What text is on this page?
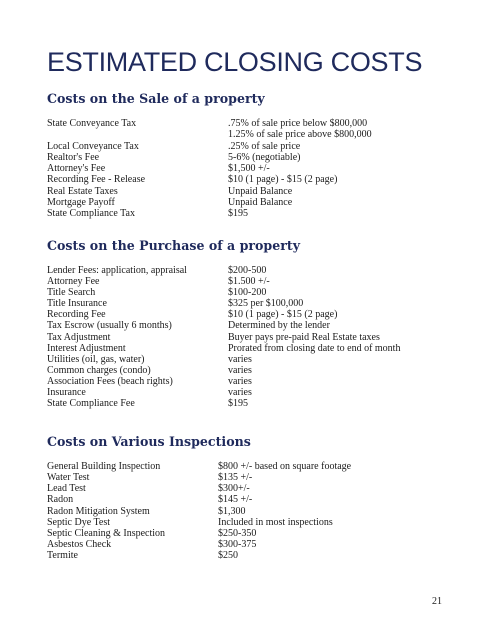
ESTIMATED CLOSING COSTS
Costs on the Sale of a property
State Conveyance Tax	.75% of sale price below $800,000
1.25% of sale price above $800,000
Local Conveyance Tax	.25% of sale price
Realtor's Fee	5-6% (negotiable)
Attorney's Fee	$1,500 +/-
Recording Fee - Release	$10 (1 page) - $15 (2 page)
Real Estate Taxes	Unpaid Balance
Mortgage Payoff	Unpaid Balance
State Compliance Tax	$195
Costs on the Purchase of a property
Lender Fees: application, appraisal	$200-500
Attorney Fee	$1.500 +/-
Title Search	$100-200
Title Insurance	$325 per $100,000
Recording Fee	$10 (1 page) - $15 (2 page)
Tax Escrow (usually 6 months)	Determined by the lender
Tax Adjustment	Buyer pays pre-paid Real Estate taxes
Interest Adjustment	Prorated from closing date to end of month
Utilities (oil, gas, water)	varies
Common charges (condo)	varies
Association Fees (beach rights)	varies
Insurance	varies
State Compliance Fee	$195
Costs on Various Inspections
General Building Inspection	$800 +/- based on square footage
Water Test	$135 +/-
Lead Test	$300+/-
Radon	$145 +/-
Radon Mitigation System	$1,300
Septic Dye Test	Included in most inspections
Septic Cleaning & Inspection	$250-350
Asbestos Check	$300-375
Termite	$250
21
